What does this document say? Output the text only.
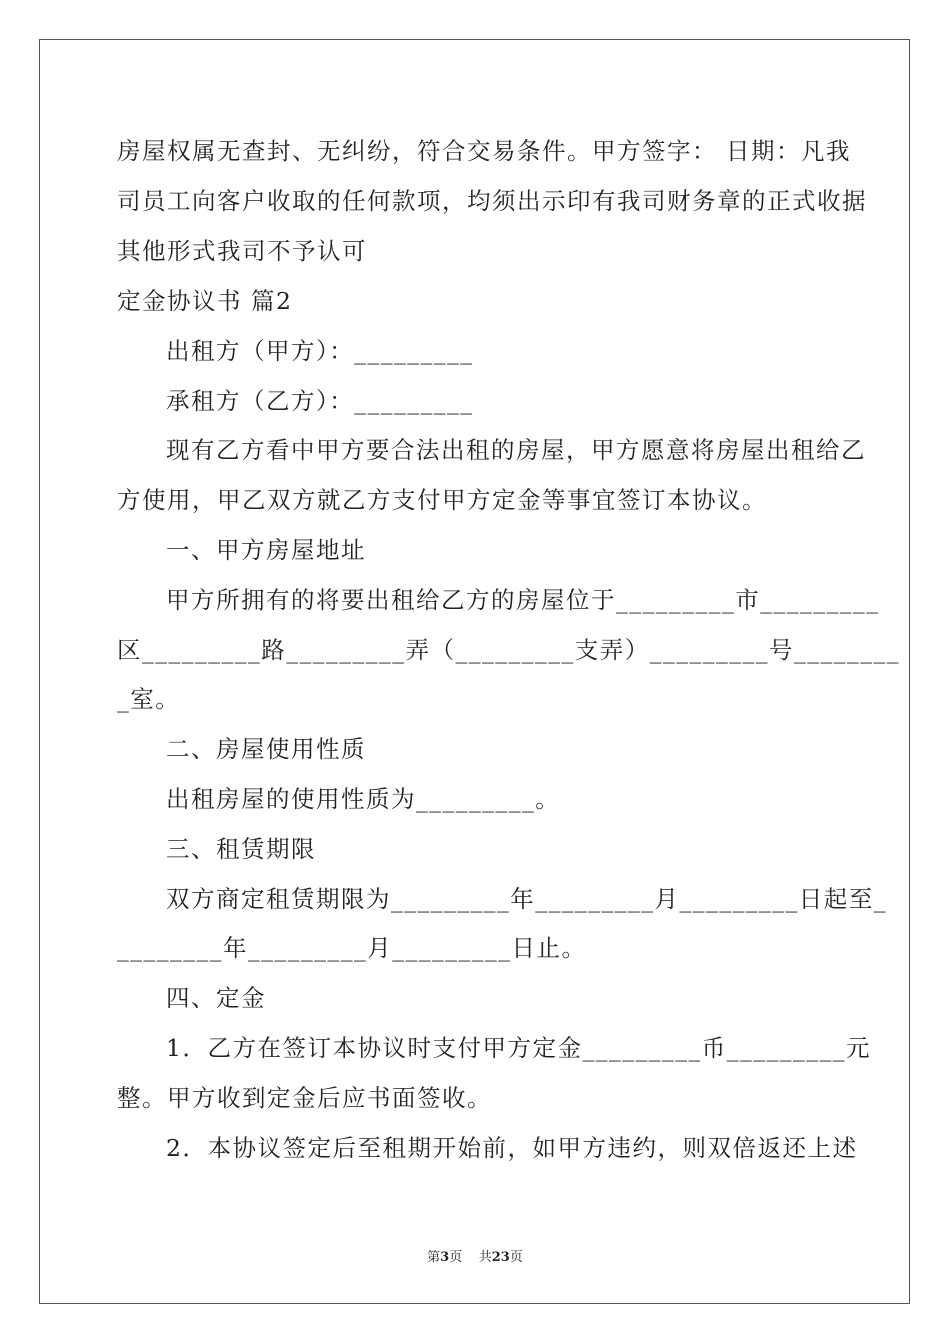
房屋权属无查封、无纠纷，符合交易条件。甲方签字： 日期：凡我
司员工向客户收取的任何款项，均须出示印有我司财务章的正式收据
其他形式我司不予认可
定金协议书 篇2
出租方（甲方）：_________
承租方（乙方）：_________
现有乙方看中甲方要合法出租的房屋，甲方愿意将房屋出租给乙
方使用，甲乙双方就乙方支付甲方定金等事宜签订本协议。
一、甲方房屋地址
甲方所拥有的将要出租给乙方的房屋位于_________市_________
区_________路_________弄（_________支弄）_________号________
_室。
二、房屋使用性质
出租房屋的使用性质为_________。
三、租赁期限
双方商定租赁期限为_________年_________月_________日起至_
________年_________月_________日止。
四、定金
1．乙方在签订本协议时支付甲方定金_________币_________元
整。甲方收到定金后应书面签收。
2．本协议签定后至租期开始前，如甲方违约，则双倍返还上述
第3页 共23页
